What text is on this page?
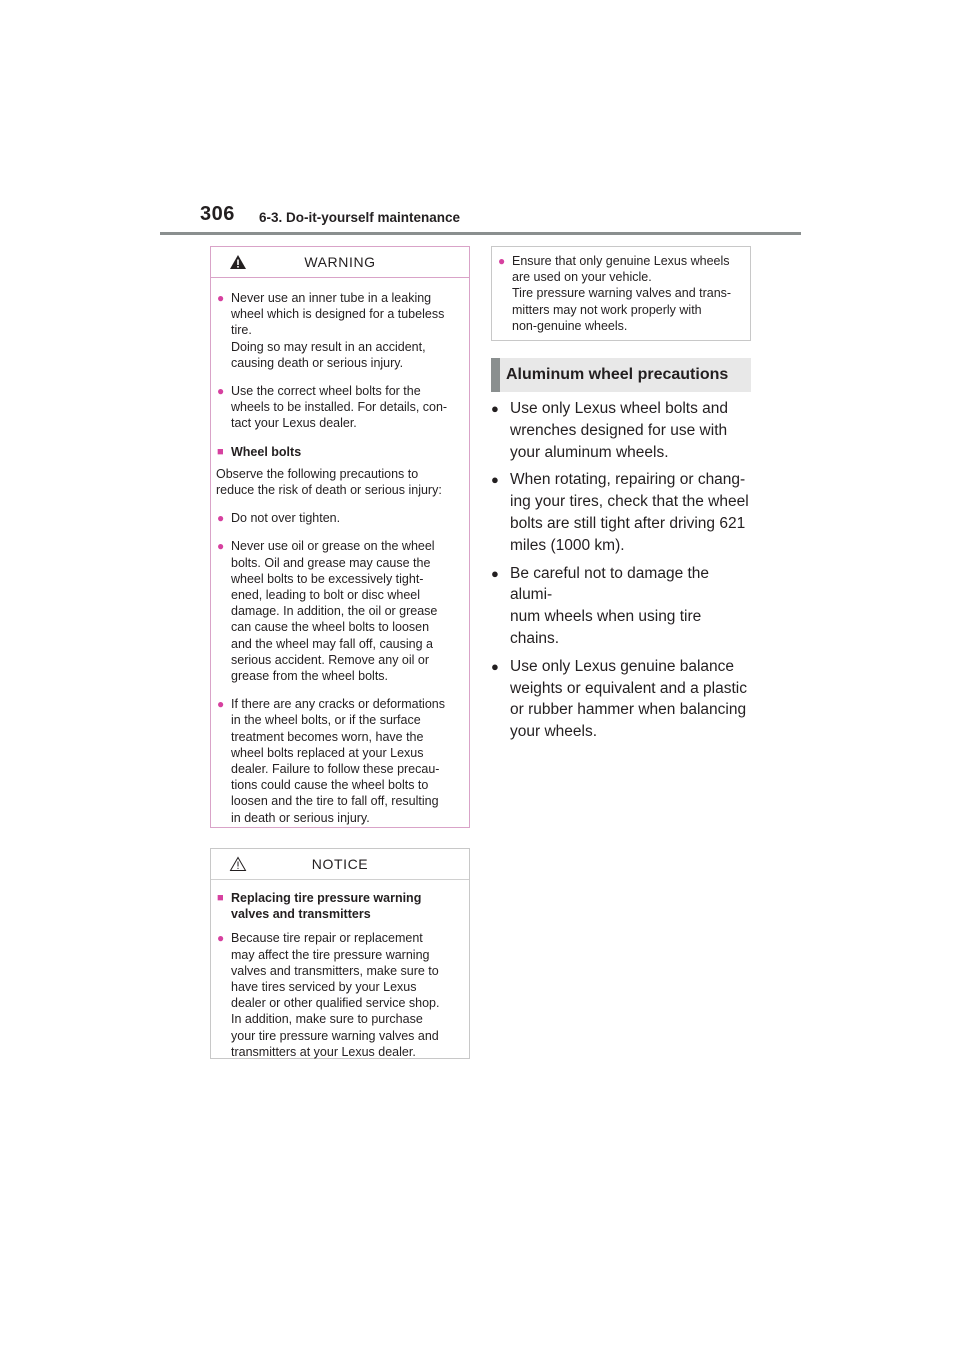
306 6-3. Do-it-yourself maintenance
WARNING
● Never use an inner tube in a leaking
wheel which is designed for a tubeless
tire.
Doing so may result in an accident,
causing death or serious injury.
● Use the correct wheel bolts for the
wheels to be installed. For details, con-
tact your Lexus dealer.
■ Wheel bolts
Observe the following precautions to
reduce the risk of death or serious injury:
● Do not over tighten.
● Never use oil or grease on the wheel
bolts. Oil and grease may cause the
wheel bolts to be excessively tight-
ened, leading to bolt or disc wheel
damage. In addition, the oil or grease
can cause the wheel bolts to loosen
and the wheel may fall off, causing a
serious accident. Remove any oil or
grease from the wheel bolts.
● If there are any cracks or deformations
in the wheel bolts, or if the surface
treatment becomes worn, have the
wheel bolts replaced at your Lexus
dealer. Failure to follow these precau-
tions could cause the wheel bolts to
loosen and the tire to fall off, resulting
in death or serious injury.
NOTICE
■ Replacing tire pressure warning
valves and transmitters
● Because tire repair or replacement
may affect the tire pressure warning
valves and transmitters, make sure to
have tires serviced by your Lexus
dealer or other qualified service shop.
In addition, make sure to purchase
your tire pressure warning valves and
transmitters at your Lexus dealer.
● Ensure that only genuine Lexus wheels
are used on your vehicle.
Tire pressure warning valves and trans-
mitters may not work properly with
non-genuine wheels.
Aluminum wheel precautions
● Use only Lexus wheel bolts and
wrenches designed for use with
your aluminum wheels.
● When rotating, repairing or chang-
ing your tires, check that the wheel
bolts are still tight after driving 621
miles (1000 km).
● Be careful not to damage the alumi-
num wheels when using tire chains.
● Use only Lexus genuine balance
weights or equivalent and a plastic
or rubber hammer when balancing
your wheels.
